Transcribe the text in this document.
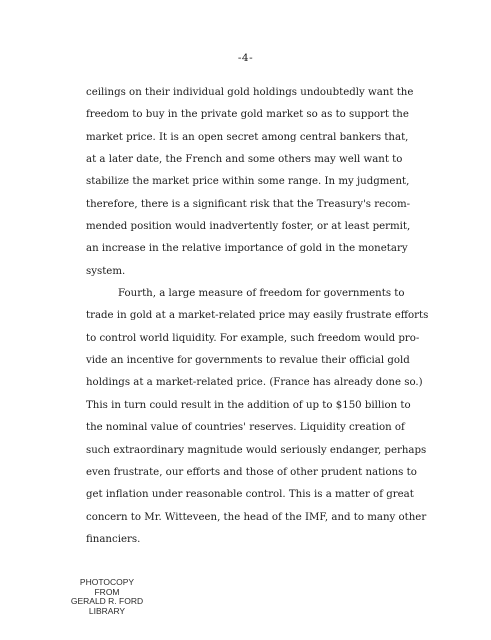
-4-
ceilings on their individual gold holdings undoubtedly want the
freedom to buy in the private gold market so as to support the
market price. It is an open secret among central bankers that,
at a later date, the French and some others may well want to
stabilize the market price within some range. In my judgment,
therefore, there is a significant risk that the Treasury's recom-
mended position would inadvertently foster, or at least permit,
an increase in the relative importance of gold in the monetary
system.
Fourth, a large measure of freedom for governments to
trade in gold at a market-related price may easily frustrate efforts
to control world liquidity. For example, such freedom would pro-
vide an incentive for governments to revalue their official gold
holdings at a market-related price. (France has already done so.)
This in turn could result in the addition of up to $150 billion to
the nominal value of countries' reserves. Liquidity creation of
such extraordinary magnitude would seriously endanger, perhaps
even frustrate, our efforts and those of other prudent nations to
get inflation under reasonable control. This is a matter of great
concern to Mr. Witteveen, the head of the IMF, and to many other
financiers.
PHOTOCOPY
FROM
GERALD R. FORD LIBRARY
